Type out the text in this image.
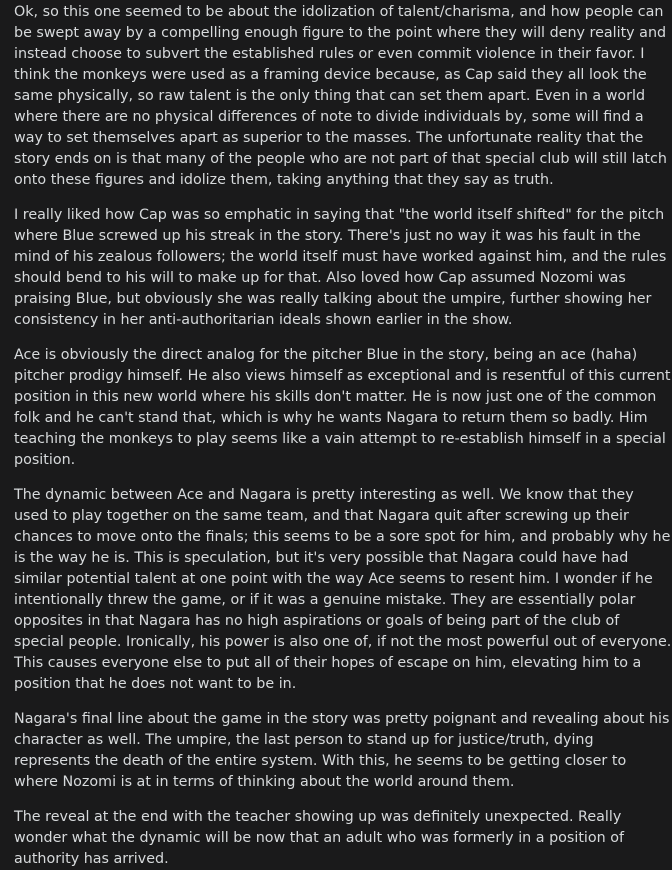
Ok, so this one seemed to be about the idolization of talent/charisma, and how people can be swept away by a compelling enough figure to the point where they will deny reality and instead choose to subvert the established rules or even commit violence in their favor. I think the monkeys were used as a framing device because, as Cap said they all look the same physically, so raw talent is the only thing that can set them apart. Even in a world where there are no physical differences of note to divide individuals by, some will find a way to set themselves apart as superior to the masses. The unfortunate reality that the story ends on is that many of the people who are not part of that special club will still latch onto these figures and idolize them, taking anything that they say as truth.

I really liked how Cap was so emphatic in saying that "the world itself shifted" for the pitch where Blue screwed up his streak in the story. There's just no way it was his fault in the mind of his zealous followers; the world itself must have worked against him, and the rules should bend to his will to make up for that. Also loved how Cap assumed Nozomi was praising Blue, but obviously she was really talking about the umpire, further showing her consistency in her anti-authoritarian ideals shown earlier in the show.

Ace is obviously the direct analog for the pitcher Blue in the story, being an ace (haha) pitcher prodigy himself. He also views himself as exceptional and is resentful of this current position in this new world where his skills don't matter. He is now just one of the common folk and he can't stand that, which is why he wants Nagara to return them so badly. Him teaching the monkeys to play seems like a vain attempt to re-establish himself in a special position.

The dynamic between Ace and Nagara is pretty interesting as well. We know that they used to play together on the same team, and that Nagara quit after screwing up their chances to move onto the finals; this seems to be a sore spot for him, and probably why he is the way he is. This is speculation, but it's very possible that Nagara could have had similar potential talent at one point with the way Ace seems to resent him. I wonder if he intentionally threw the game, or if it was a genuine mistake. They are essentially polar opposites in that Nagara has no high aspirations or goals of being part of the club of special people. Ironically, his power is also one of, if not the most powerful out of everyone. This causes everyone else to put all of their hopes of escape on him, elevating him to a position that he does not want to be in.

Nagara's final line about the game in the story was pretty poignant and revealing about his character as well. The umpire, the last person to stand up for justice/truth, dying represents the death of the entire system. With this, he seems to be getting closer to where Nozomi is at in terms of thinking about the world around them.

The reveal at the end with the teacher showing up was definitely unexpected. Really wonder what the dynamic will be now that an adult who was formerly in a position of authority has arrived.
